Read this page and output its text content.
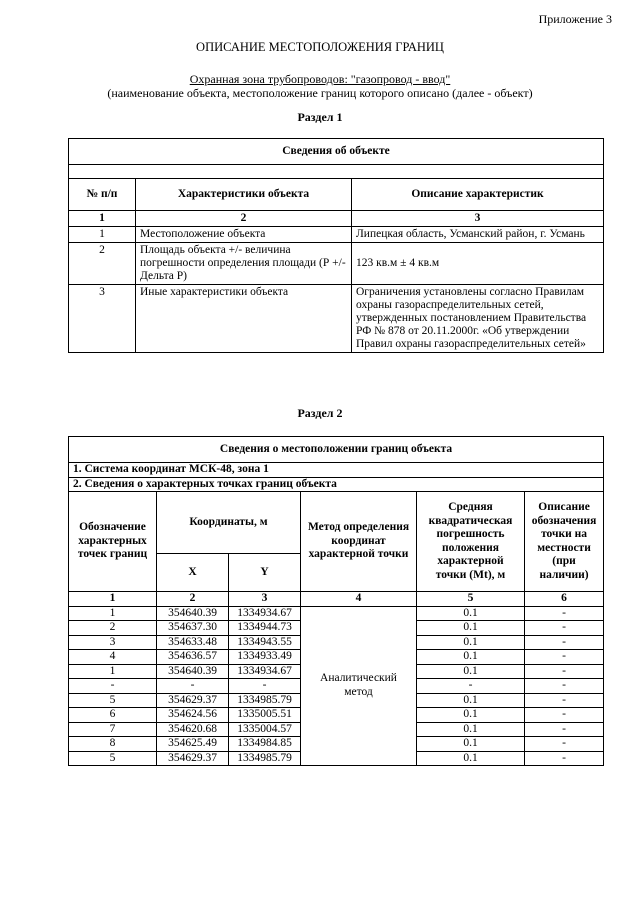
Приложение 3
ОПИСАНИЕ МЕСТОПОЛОЖЕНИЯ ГРАНИЦ
Охранная зона трубопроводов: "газопровод - ввод"
(наименование объекта, местоположение границ которого описано (далее - объект)
Раздел 1
Сведения об объекте		

№ п/п	Характеристики объекта	Описание характеристик
1	2	3
1	Местоположение объекта	Липецкая область, Усманский район, г. Усмань
2	Площадь объекта +/- величина погрешности определения площади (Р +/- Дельта Р)	123 кв.м ± 4 кв.м
3	Иные характеристики объекта	Ограничения установлены согласно Правилам охраны газораспределительных сетей, утвержденных постановлением Правительства РФ № 878 от 20.11.2000г. «Об утверждении Правил охраны газораспределительных сетей»
Раздел 2
Сведения о местоположении границ объекта					
1. Система координат МСК-48, зона 1					
2. Сведения о характерных точках границ объекта					
Обозначение характерных точек границ	Координаты, м		Метод определения координат характерной точки	Средняя квадратическая погрешность положения характерной точки (Mt), м	Описание обозначения точки на местности (при наличии)
	X	Y			
1	2	3	4	5	6
1	354640.39	1334934.67	Аналитический метод	0.1	-
2	354637.30	1334944.73		0.1	-
3	354633.48	1334943.55		0.1	-
4	354636.57	1334933.49		0.1	-
1	354640.39	1334934.67		0.1	-
-	-	-		-	-
5	354629.37	1334985.79		0.1	-
6	354624.56	1335005.51		0.1	-
7	354620.68	1335004.57		0.1	-
8	354625.49	1334984.85		0.1	-
5	354629.37	1334985.79		0.1	-
